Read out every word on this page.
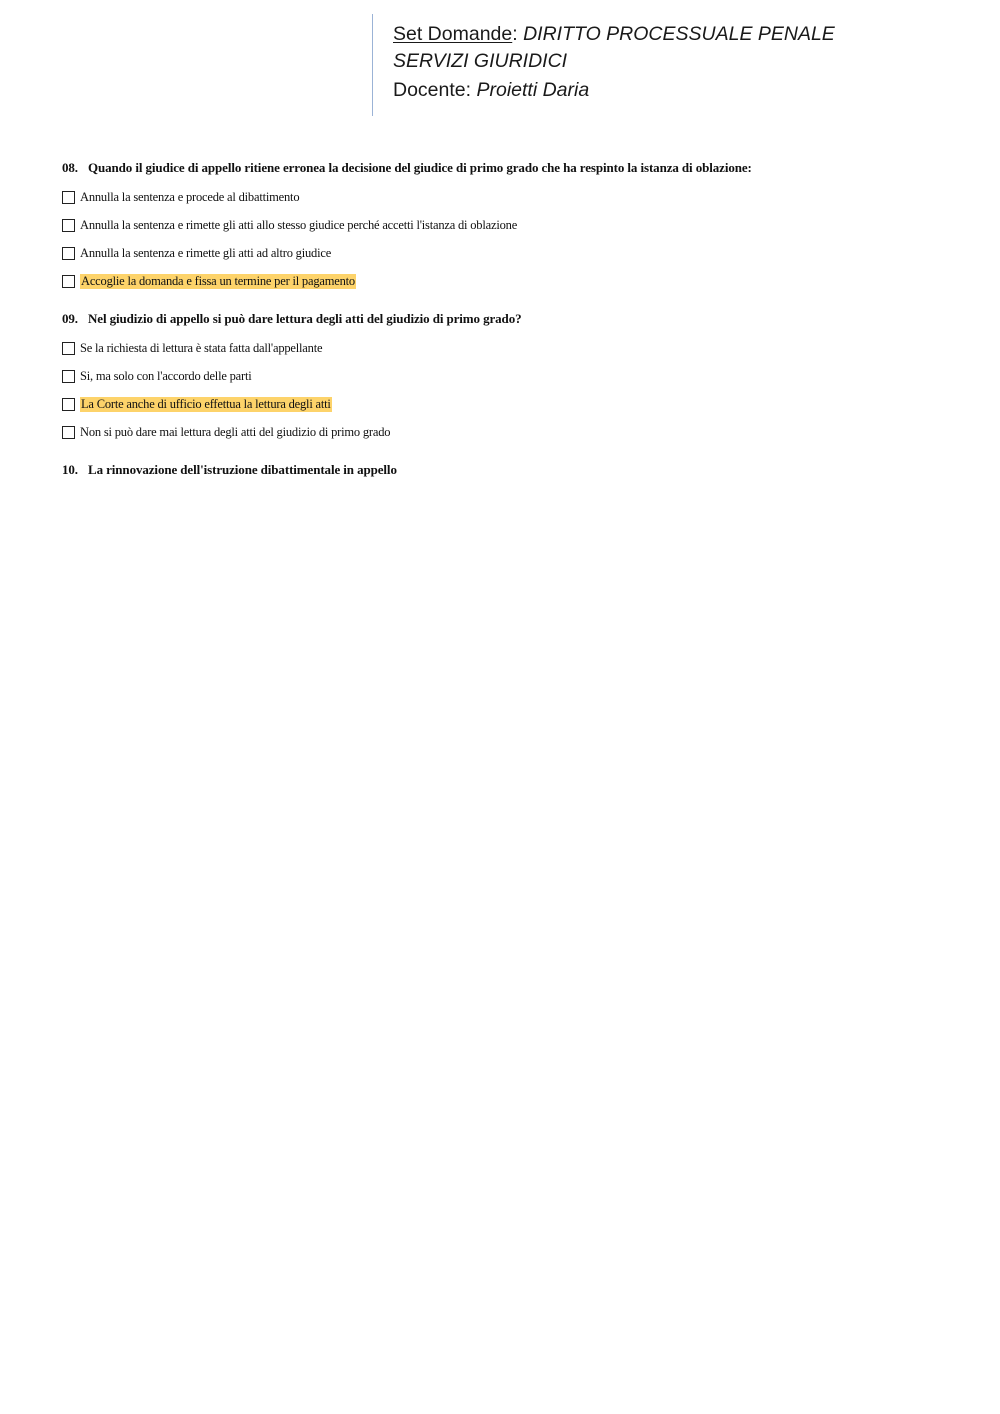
Set Domande: DIRITTO PROCESSUALE PENALE
SERVIZI GIURIDICI
Docente: Proietti Daria
08. Quando il giudice di appello ritiene erronea la decisione del giudice di primo grado che ha respinto la istanza di oblazione:
Annulla la sentenza e procede al dibattimento
Annulla la sentenza e rimette gli atti allo stesso giudice perché accetti l'istanza di oblazione
Annulla la sentenza e rimette gli atti ad altro giudice
Accoglie la domanda e fissa un termine per il pagamento
09. Nel giudizio di appello si può dare lettura degli atti del giudizio di primo grado?
Se la richiesta di lettura è stata fatta dall'appellante
Si, ma solo con l'accordo delle parti
La Corte anche di ufficio effettua la lettura degli atti
Non si può dare mai lettura degli atti del giudizio di primo grado
10. La rinnovazione dell'istruzione dibattimentale in appello
